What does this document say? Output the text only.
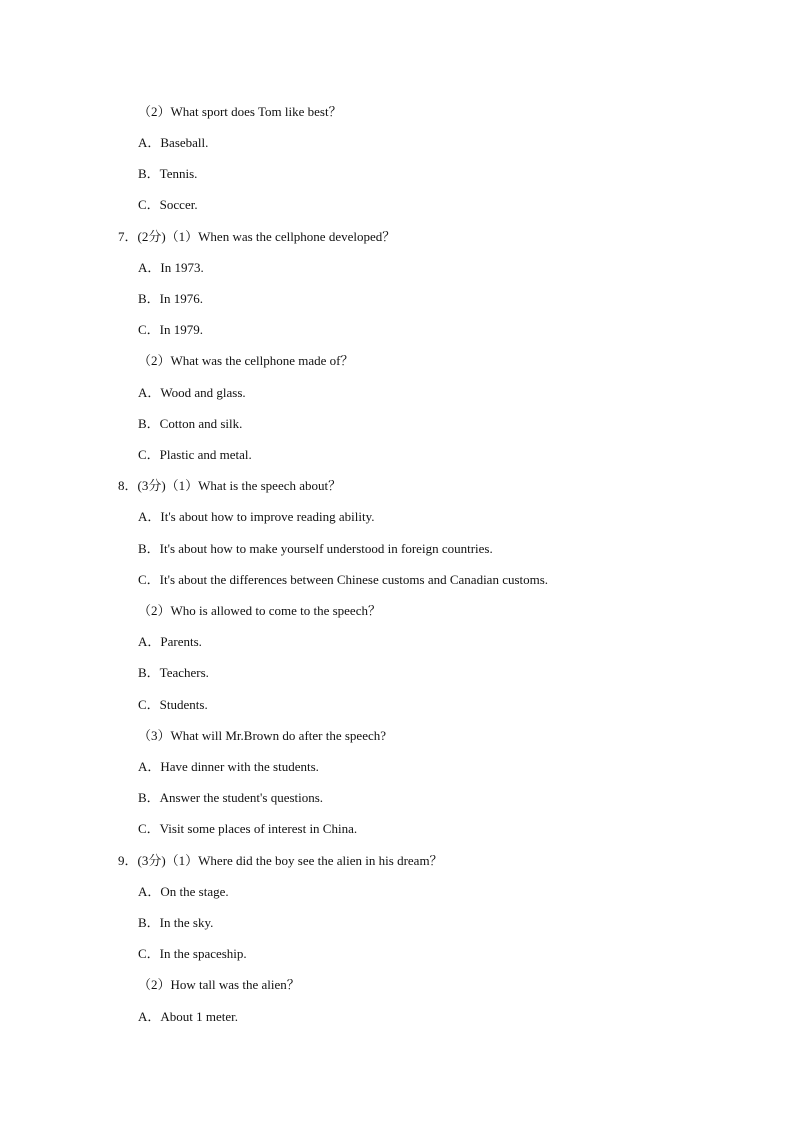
（2）What sport does Tom like best？
A．Baseball.
B．Tennis.
C．Soccer.
7．(2分)（1）When was the cellphone developed？
A．In 1973.
B．In 1976.
C．In 1979.
（2）What was the cellphone made of？
A．Wood and glass.
B．Cotton and silk.
C．Plastic and metal.
8．(3分)（1）What is the speech about？
A．It's about how to improve reading ability.
B．It's about how to make yourself understood in foreign countries.
C．It's about the differences between Chinese customs and Canadian customs.
（2）Who is allowed to come to the speech？
A．Parents.
B．Teachers.
C．Students.
（3）What will Mr.Brown do after the speech?
A．Have dinner with the students.
B．Answer the student's questions.
C．Visit some places of interest in China.
9．(3分)（1）Where did the boy see the alien in his dream？
A．On the stage.
B．In the sky.
C．In the spaceship.
（2）How tall was the alien？
A．About 1 meter.
